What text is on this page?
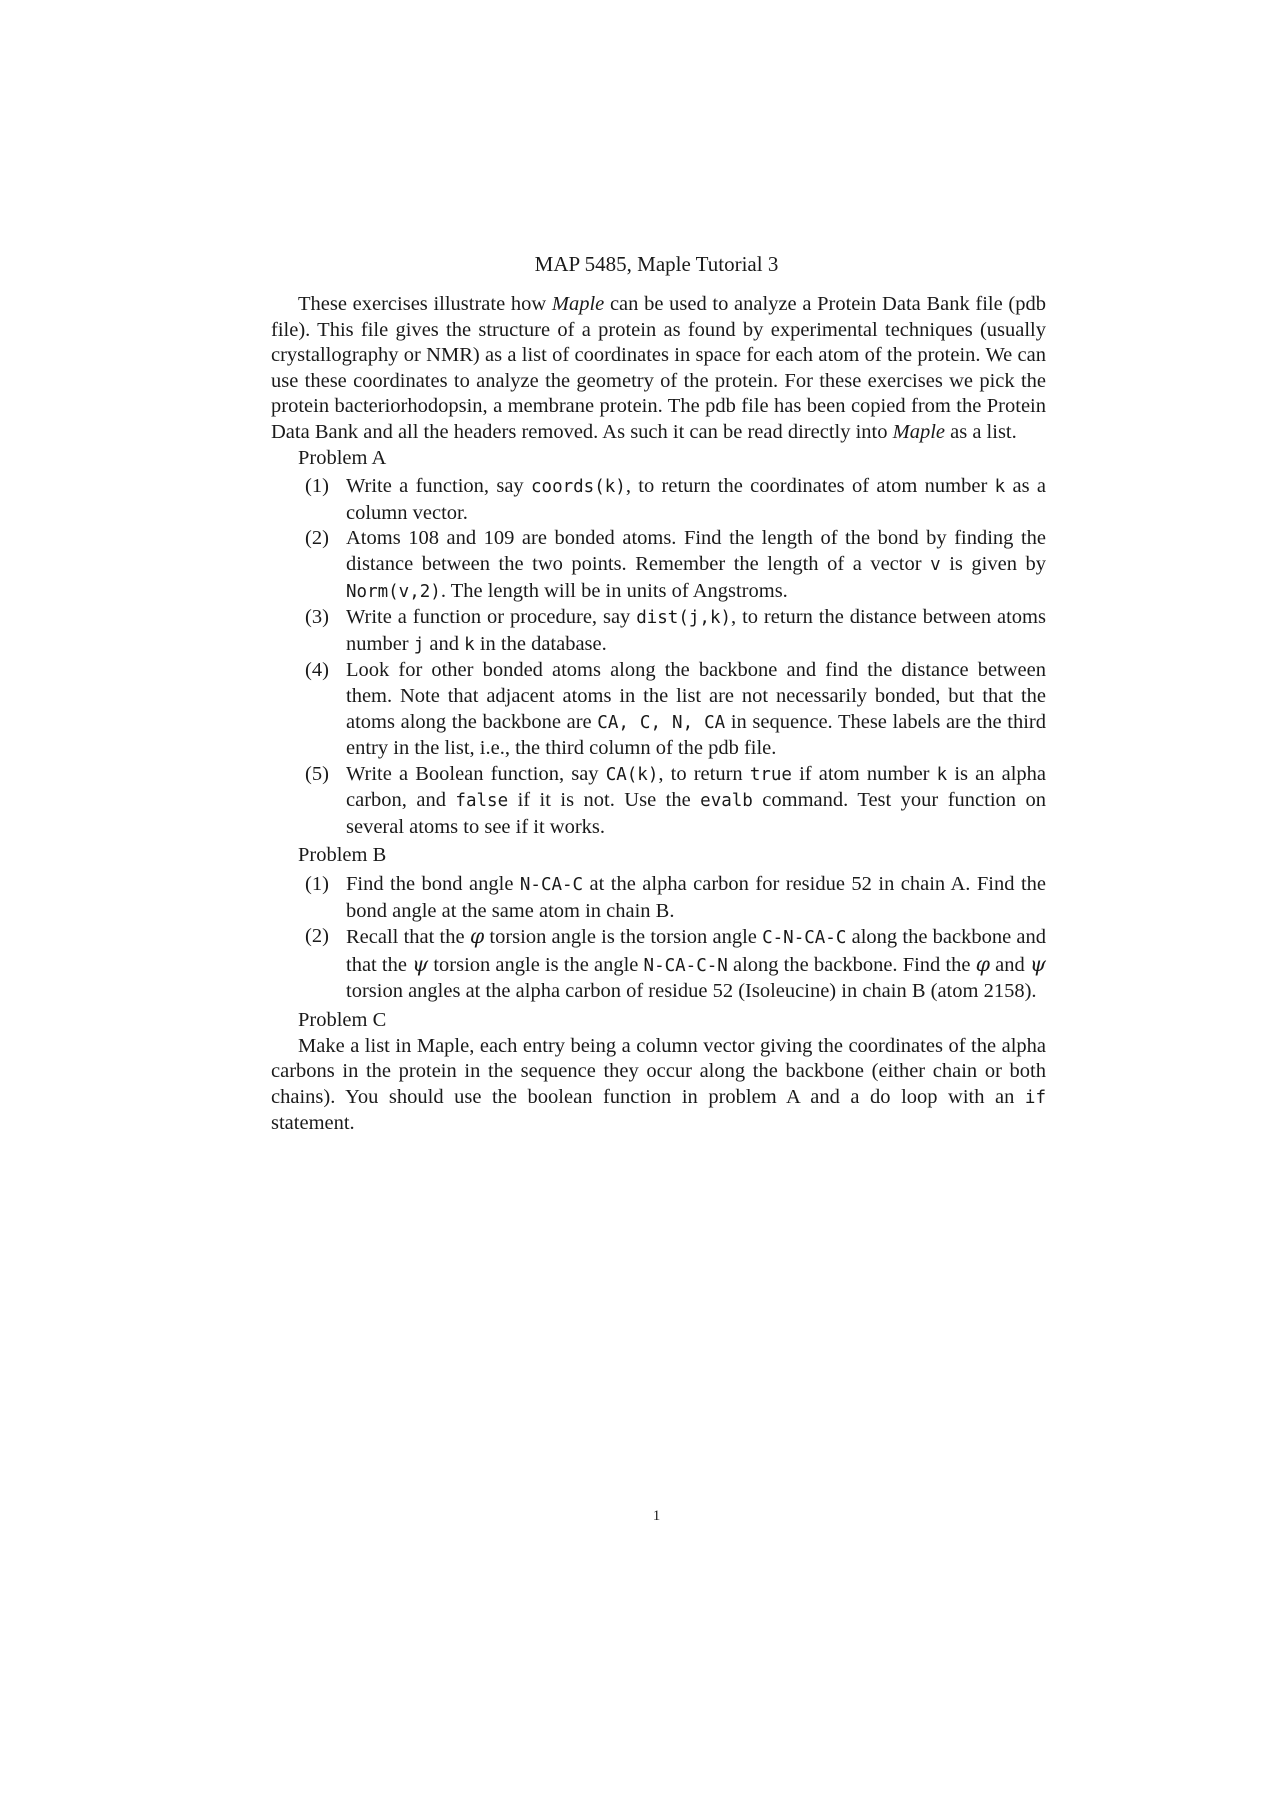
MAP 5485, Maple Tutorial 3

These exercises illustrate how Maple can be used to analyze a Protein Data Bank file (pdb file). This file gives the structure of a protein as found by experimental techniques (usually crystallography or NMR) as a list of coordinates in space for each atom of the protein. We can use these coordinates to analyze the geometry of the protein. For these exercises we pick the protein bacteriorhodopsin, a membrane protein. The pdb file has been copied from the Protein Data Bank and all the headers removed. As such it can be read directly into Maple as a list.

Problem A

(1) Write a function, say coords(k), to return the coordinates of atom number k as a column vector.
(2) Atoms 108 and 109 are bonded atoms. Find the length of the bond by finding the distance between the two points. Remember the length of a vector v is given by Norm(v,2). The length will be in units of Angstroms.
(3) Write a function or procedure, say dist(j,k), to return the distance between atoms number j and k in the database.
(4) Look for other bonded atoms along the backbone and find the distance between them. Note that adjacent atoms in the list are not necessarily bonded, but that the atoms along the backbone are CA, C, N, CA in sequence. These labels are the third entry in the list, i.e., the third column of the pdb file.
(5) Write a Boolean function, say CA(k), to return true if atom number k is an alpha carbon, and false if it is not. Use the evalb command. Test your function on several atoms to see if it works.

Problem B

(1) Find the bond angle N-CA-C at the alpha carbon for residue 52 in chain A. Find the bond angle at the same atom in chain B.
(2) Recall that the φ torsion angle is the torsion angle C-N-CA-C along the backbone and that the ψ torsion angle is the angle N-CA-C-N along the backbone. Find the φ and ψ torsion angles at the alpha carbon of residue 52 (Isoleucine) in chain B (atom 2158).

Problem C

Make a list in Maple, each entry being a column vector giving the coordinates of the alpha carbons in the protein in the sequence they occur along the backbone (either chain or both chains). You should use the boolean function in problem A and a do loop with an if statement.

1
